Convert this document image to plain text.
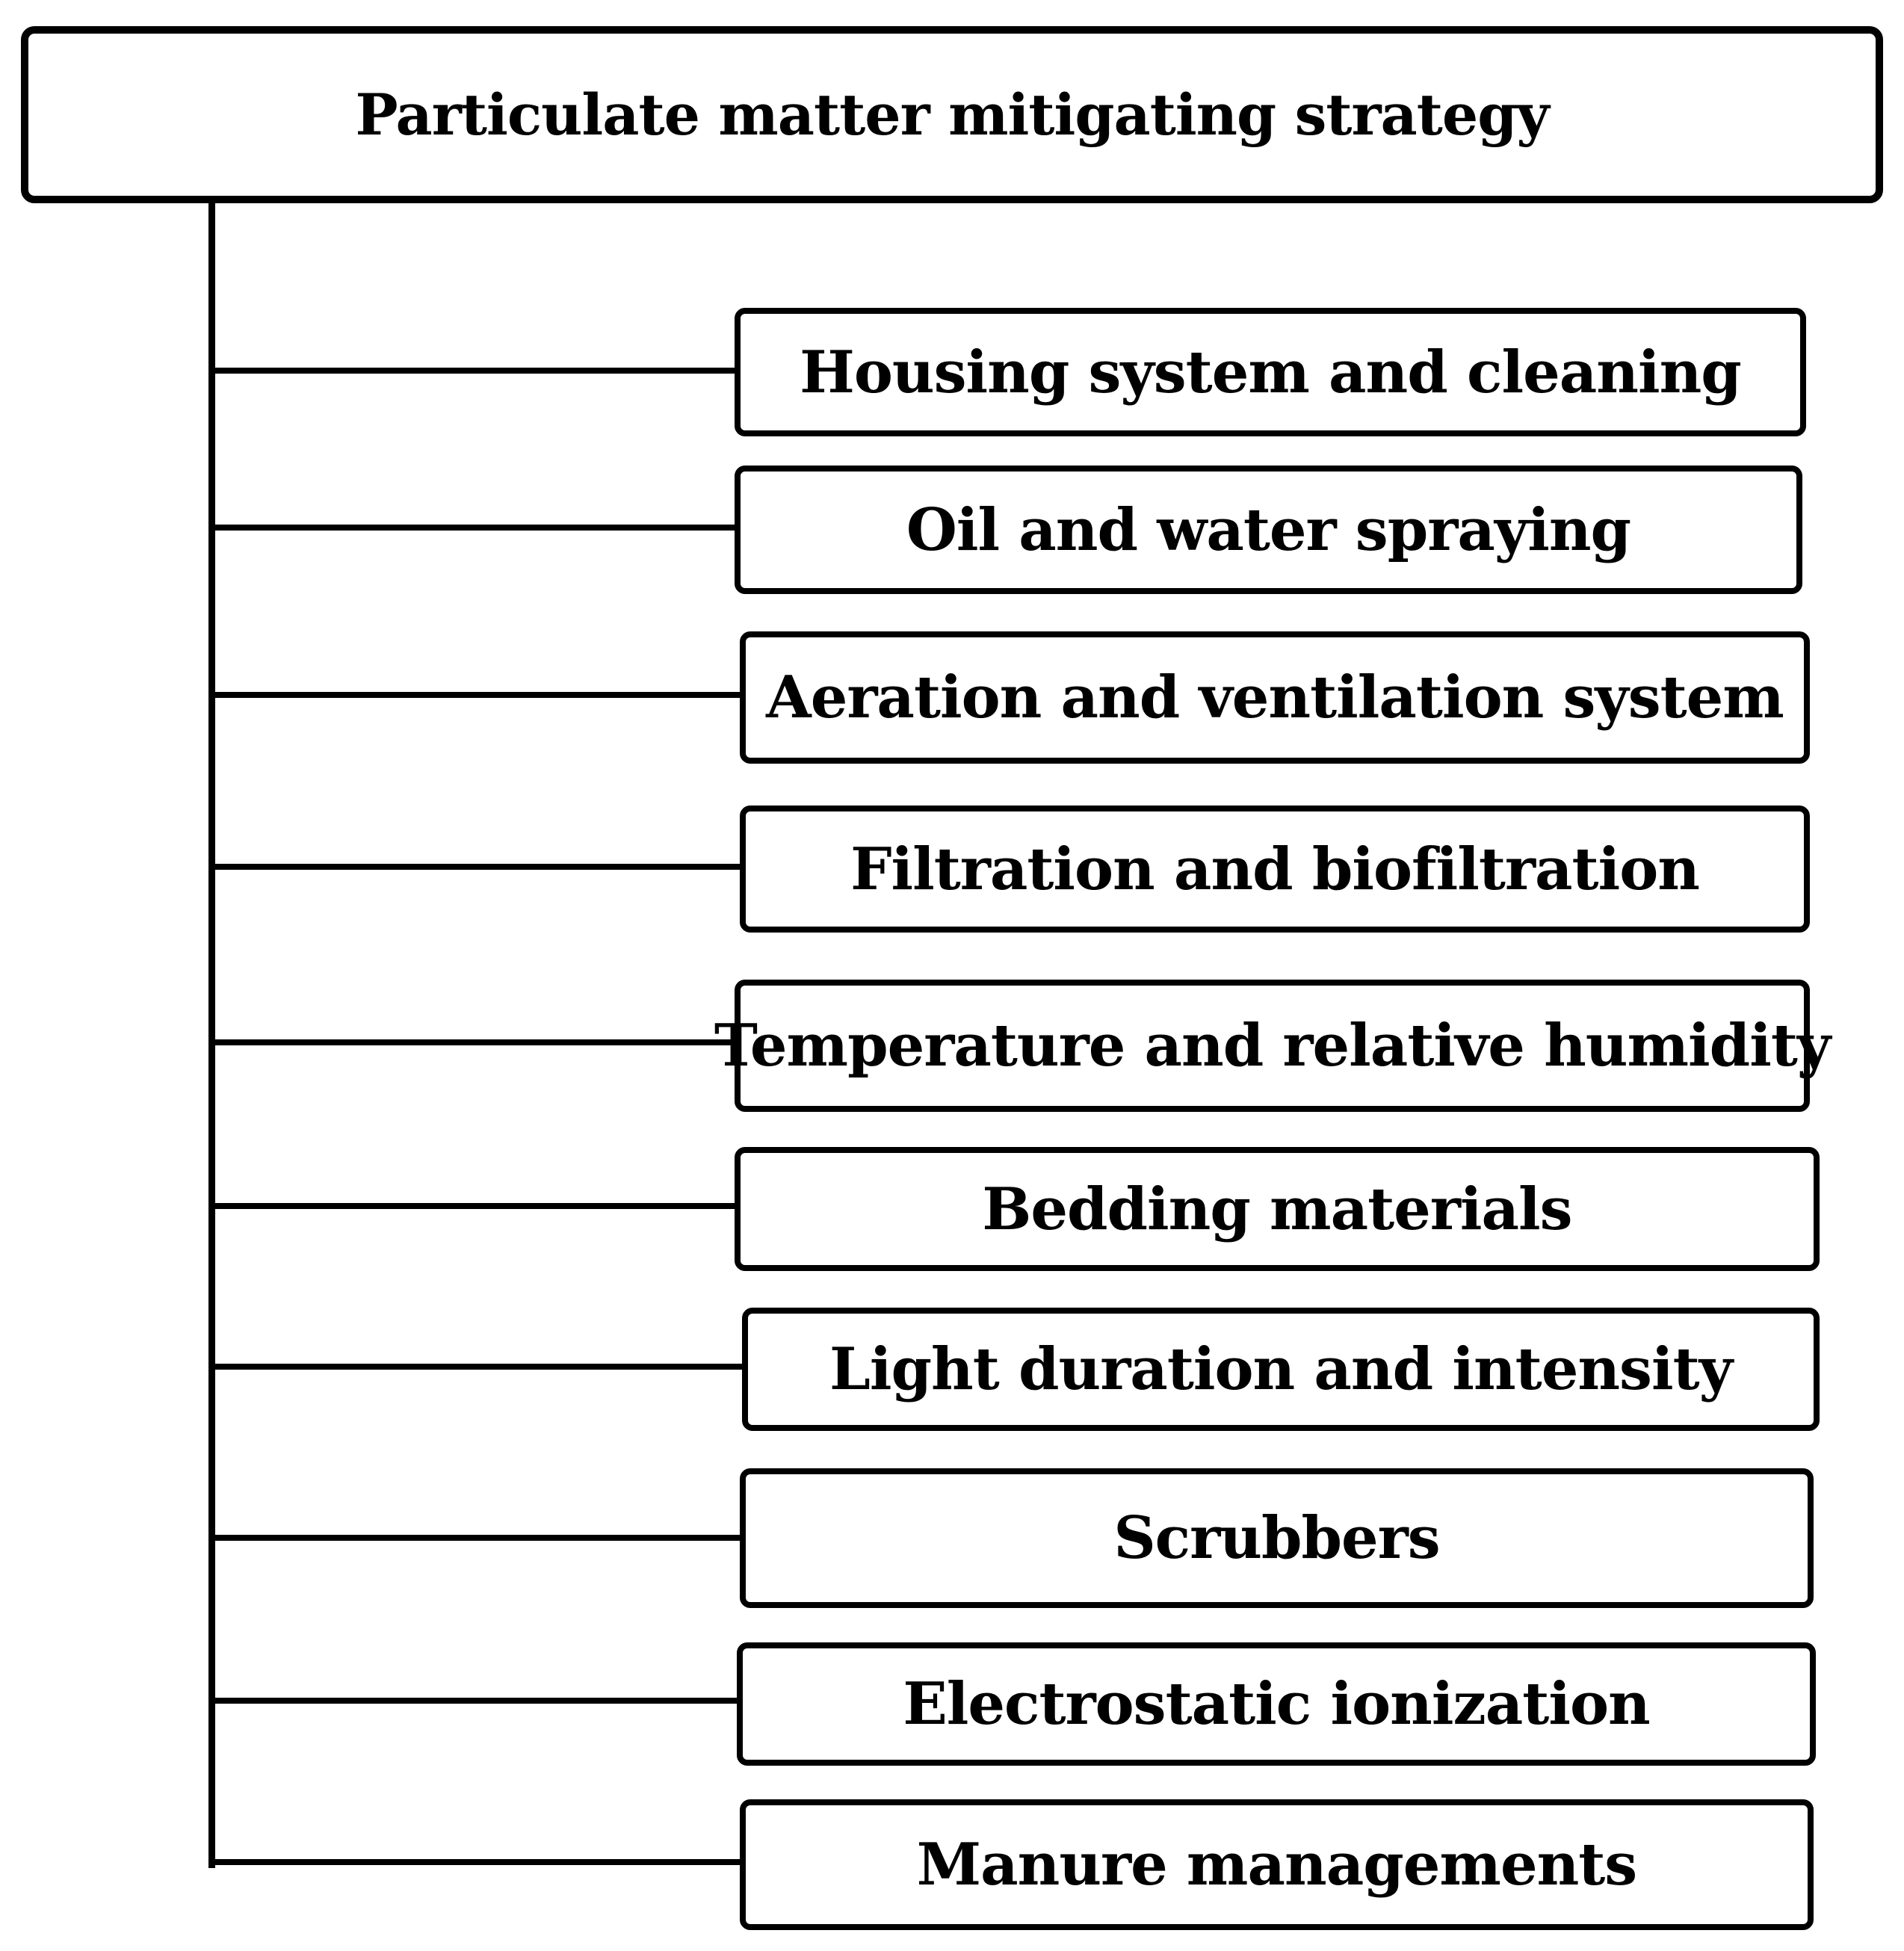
Particulate matter mitigating strategy
Housing system and cleaning
Oil and water spraying
Aeration and ventilation system
Filtration and biofiltration
Temperature and relative humidity
Bedding materials
Light duration and intensity
Scrubbers
Electrostatic ionization
Manure managements
